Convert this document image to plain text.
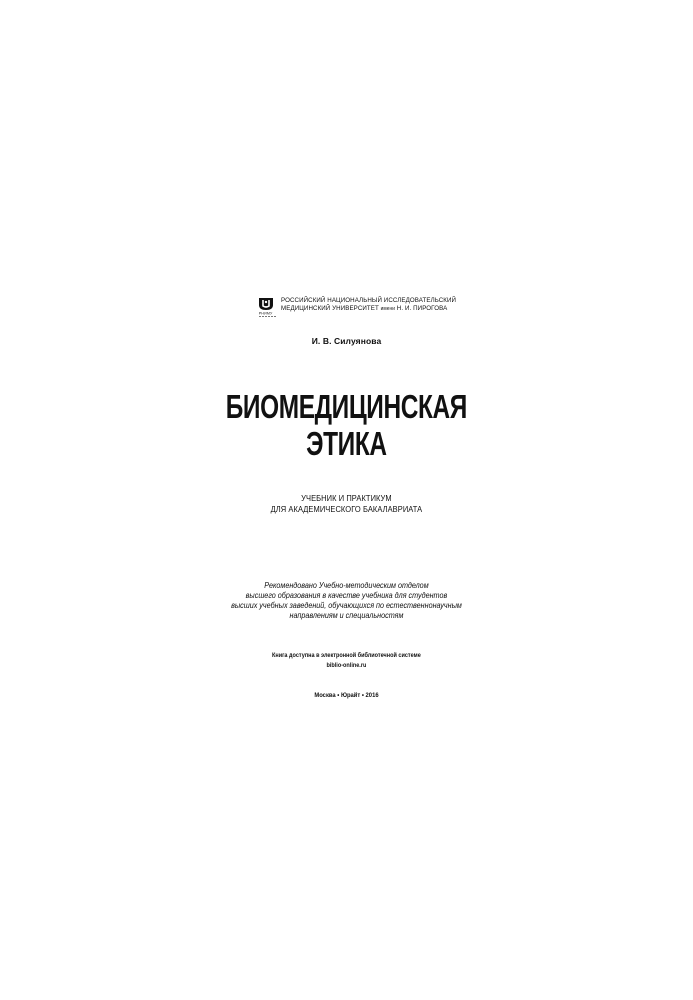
РНИМУ
РОССИЙСКИЙ НАЦИОНАЛЬНЫЙ ИССЛЕДОВАТЕЛЬСКИЙ
МЕДИЦИНСКИЙ УНИВЕРСИТЕТ имени Н. И. ПИРОГОВА
И. В. Силуянова
БИОМЕДИЦИНСКАЯ
ЭТИКА
УЧЕБНИК И ПРАКТИКУМ
ДЛЯ АКАДЕМИЧЕСКОГО БАКАЛАВРИАТА
Рекомендовано Учебно-методическим отделом
высшего образования в качестве учебника для студентов
высших учебных заведений, обучающихся по естественнонаучным
направлениям и специальностям
Книга доступна в электронной библиотечной системе
biblio-online.ru
Москва • Юрайт • 2016
